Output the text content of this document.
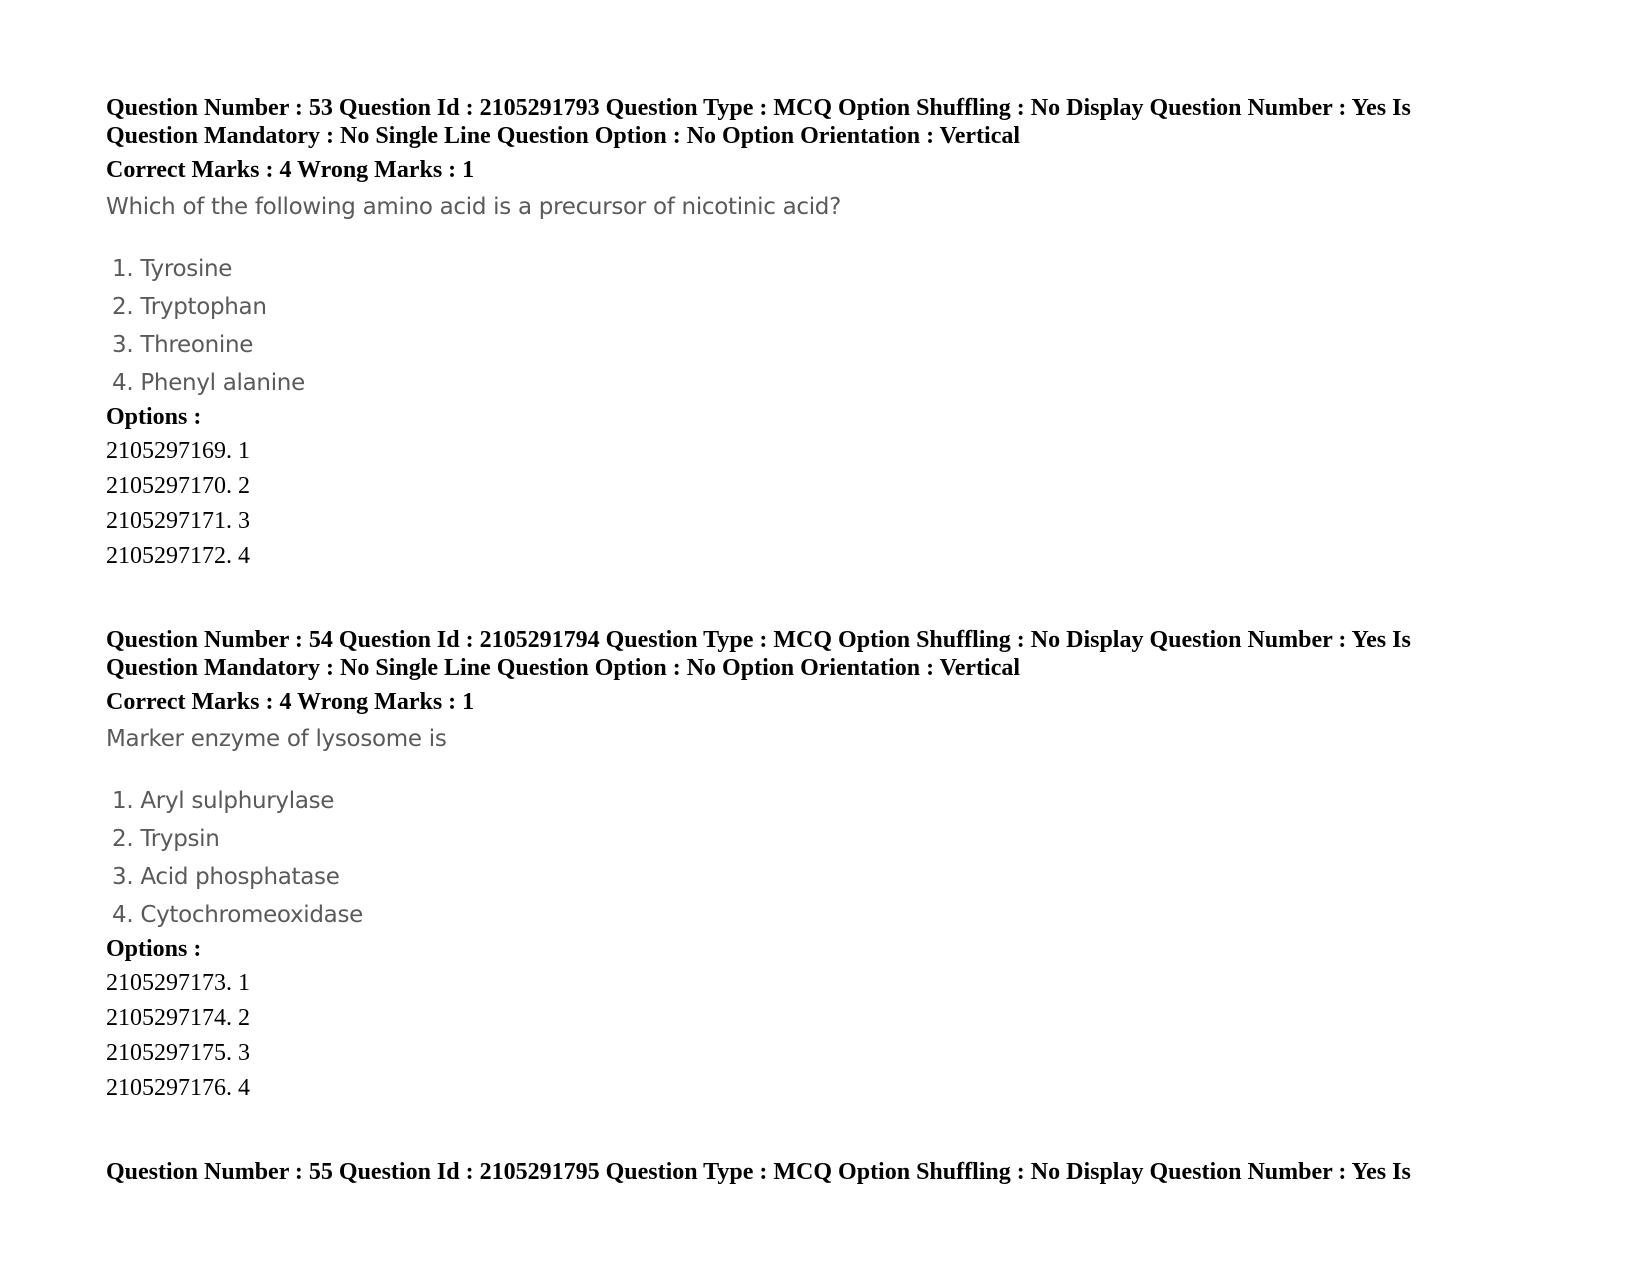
Question Number : 53 Question Id : 2105291793 Question Type : MCQ Option Shuffling : No Display Question Number : Yes Is
Question Mandatory : No Single Line Question Option : No Option Orientation : Vertical

Correct Marks : 4 Wrong Marks : 1

Which of the following amino acid is a precursor of nicotinic acid?

1. Tyrosine
2. Tryptophan
3. Threonine
4. Phenyl alanine
Options :
2105297169. 1
2105297170. 2
2105297171. 3
2105297172. 4

Question Number : 54 Question Id : 2105291794 Question Type : MCQ Option Shuffling : No Display Question Number : Yes Is
Question Mandatory : No Single Line Question Option : No Option Orientation : Vertical

Correct Marks : 4 Wrong Marks : 1

Marker enzyme of lysosome is

1. Aryl sulphurylase
2. Trypsin
3. Acid phosphatase
4. Cytochromeoxidase
Options :
2105297173. 1
2105297174. 2
2105297175. 3
2105297176. 4

Question Number : 55 Question Id : 2105291795 Question Type : MCQ Option Shuffling : No Display Question Number : Yes Is
